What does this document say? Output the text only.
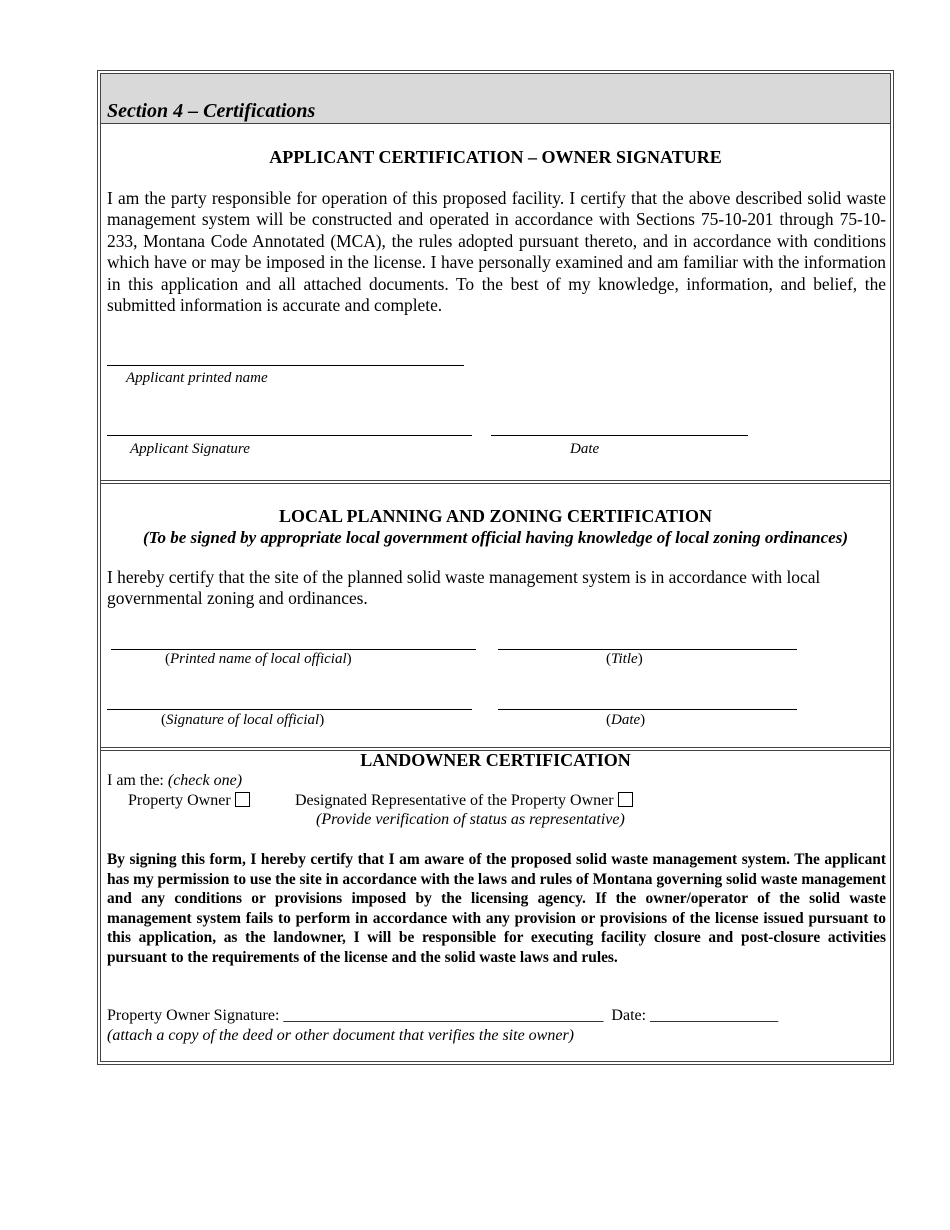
Section 4 – Certifications
APPLICANT CERTIFICATION – OWNER SIGNATURE
I am the party responsible for operation of this proposed facility. I certify that the above described solid waste management system will be constructed and operated in accordance with Sections 75-10-201 through 75-10-233, Montana Code Annotated (MCA), the rules adopted pursuant thereto, and in accordance with conditions which have or may be imposed in the license. I have personally examined and am familiar with the information in this application and all attached documents. To the best of my knowledge, information, and belief, the submitted information is accurate and complete.
Applicant printed name
Applicant Signature	Date
LOCAL PLANNING AND ZONING CERTIFICATION
(To be signed by appropriate local government official having knowledge of local zoning ordinances)
I hereby certify that the site of the planned solid waste management system is in accordance with local governmental zoning and ordinances.
(Printed name of local official)	(Title)
(Signature of local official)	(Date)
LANDOWNER CERTIFICATION
I am the: (check one)
Property Owner	Designated Representative of the Property Owner
(Provide verification of status as representative)
By signing this form, I hereby certify that I am aware of the proposed solid waste management system. The applicant has my permission to use the site in accordance with the laws and rules of Montana governing solid waste management and any conditions or provisions imposed by the licensing agency. If the owner/operator of the solid waste management system fails to perform in accordance with any provision or provisions of the license issued pursuant to this application, as the landowner, I will be responsible for executing facility closure and post-closure activities pursuant to the requirements of the license and the solid waste laws and rules.
Property Owner Signature: ________________________________________ Date: ________________
(attach a copy of the deed or other document that verifies the site owner)
